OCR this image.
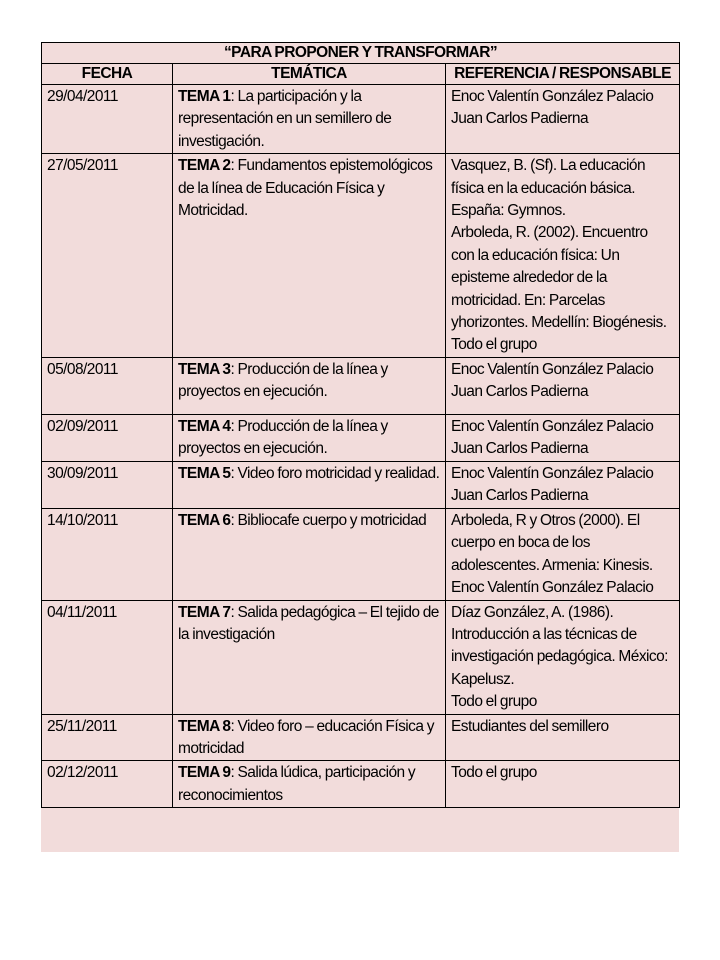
“PARA PROPONER Y TRANSFORMAR”		
FECHA	TEMÁTICA	REFERENCIA / RESPONSABLE

29/04/2011	TEMA 1: La participación y la representación en un semillero de investigación.	Enoc Valentín González Palacio
Juan Carlos Padierna

27/05/2011	TEMA 2: Fundamentos epistemológicos de la línea de Educación Física y Motricidad.	Vasquez, B. (Sf). La educación física en la educación básica. España: Gymnos.
Arboleda, R. (2002). Encuentro con la educación física: Un episteme alrededor de la motricidad. En: Parcelas yhorizontes. Medellín: Biogénesis.
Todo el grupo

05/08/2011	TEMA 3: Producción de la línea y proyectos en ejecución.	Enoc Valentín González Palacio
Juan Carlos Padierna

02/09/2011	TEMA 4: Producción de la línea y proyectos en ejecución.	Enoc Valentín González Palacio
Juan Carlos Padierna

30/09/2011	TEMA 5: Video foro motricidad y realidad.	Enoc Valentín González Palacio
Juan Carlos Padierna

14/10/2011	TEMA 6: Bibliocafe cuerpo y motricidad	Arboleda, R y Otros (2000). El cuerpo en boca de los adolescentes. Armenia: Kinesis.
Enoc Valentín González Palacio

04/11/2011	TEMA 7: Salida pedagógica – El tejido de la investigación	Díaz González, A. (1986). Introducción a las técnicas de investigación pedagógica. México: Kapelusz.
Todo el grupo

25/11/2011	TEMA 8: Video foro – educación Física y motricidad	Estudiantes del semillero

02/12/2011	TEMA 9: Salida lúdica, participación y reconocimientos	Todo el grupo
